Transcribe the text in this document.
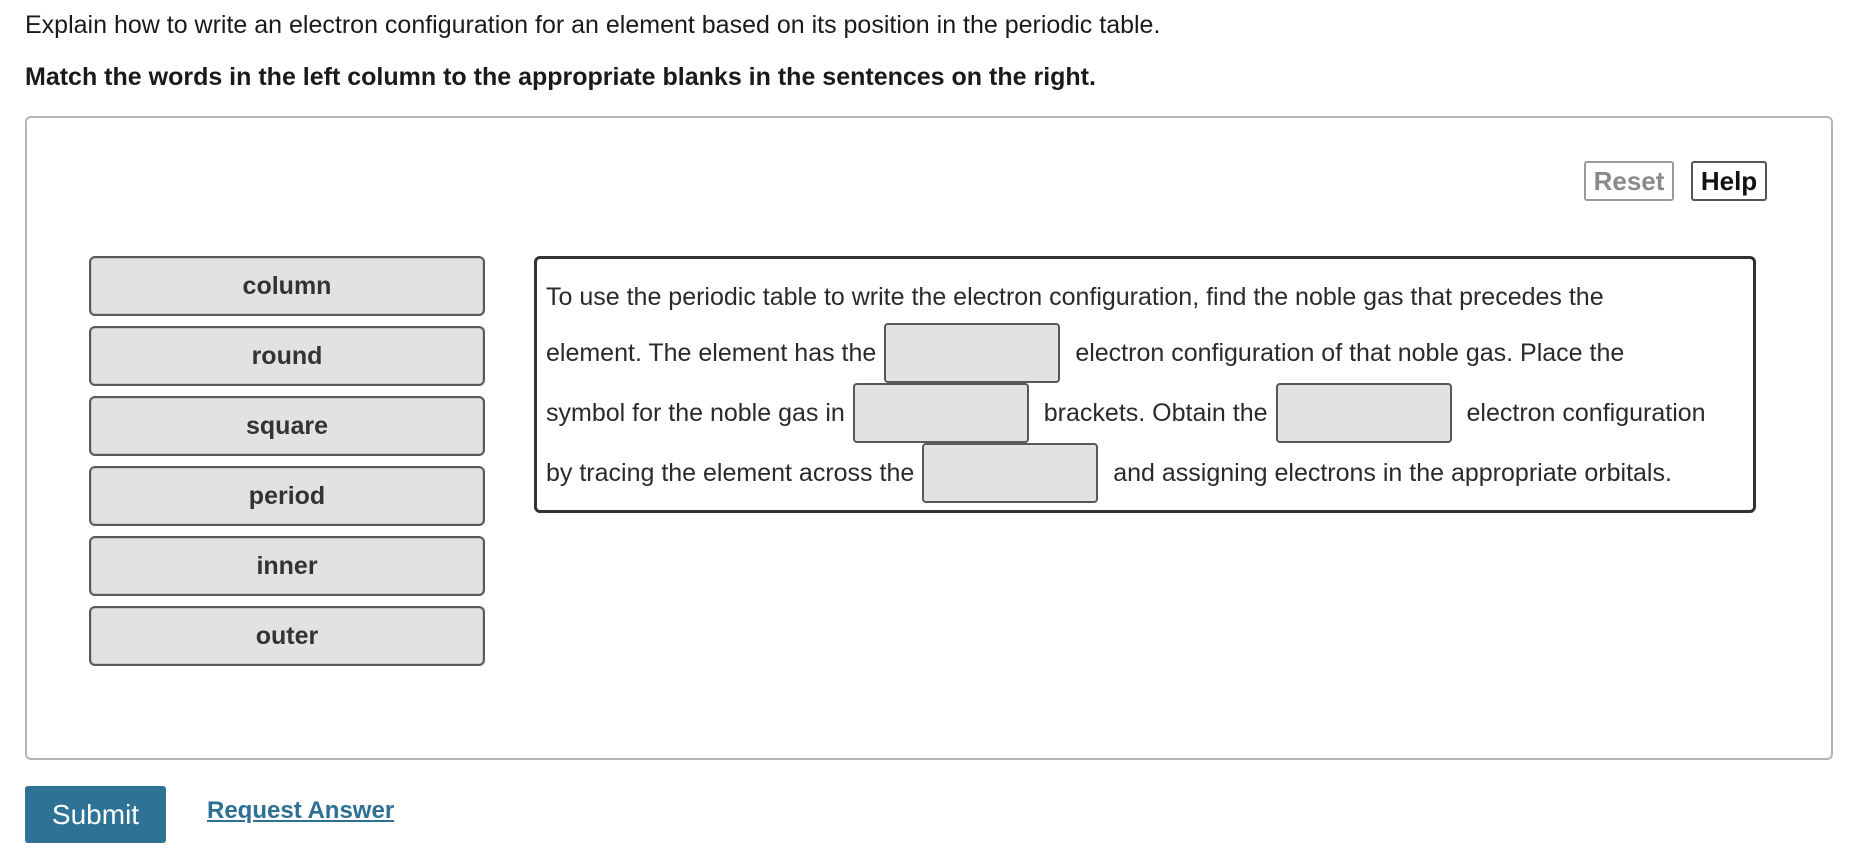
Explain how to write an electron configuration for an element based on its position in the periodic table.
Match the words in the left column to the appropriate blanks in the sentences on the right.
Reset	Help
column
round
square
period
inner
outer
To use the periodic table to write the electron configuration, find the noble gas that precedes the
element. The element has the	electron configuration of that noble gas. Place the
symbol for the noble gas in	brackets. Obtain the	electron configuration
by tracing the element across the	and assigning electrons in the appropriate orbitals.
Submit	Request Answer
